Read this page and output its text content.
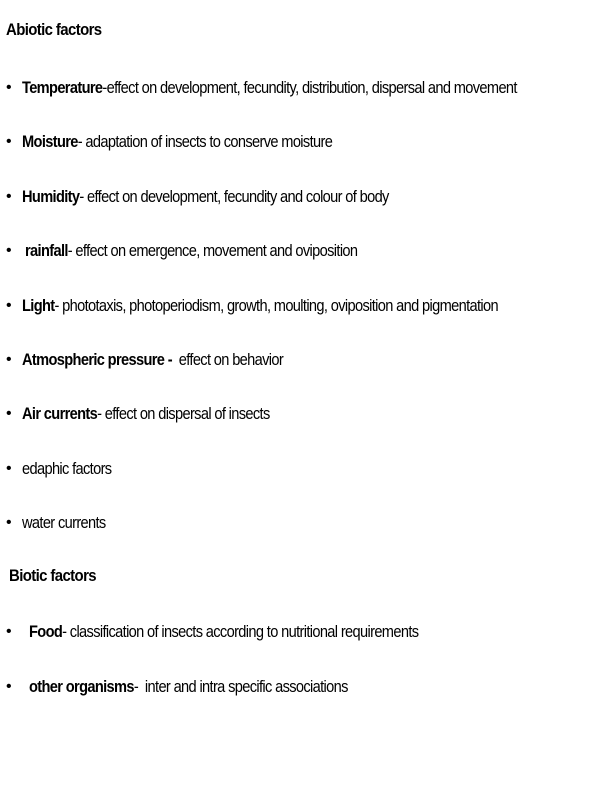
Abiotic factors
• Temperature-effect on development, fecundity, distribution, dispersal and movement
• Moisture- adaptation of insects to conserve moisture
• Humidity- effect on development, fecundity and colour of body
• rainfall- effect on emergence, movement and oviposition
• Light- phototaxis, photoperiodism, growth, moulting, oviposition and pigmentation
• Atmospheric pressure -  effect on behavior
• Air currents- effect on dispersal of insects
• edaphic factors
• water currents
Biotic factors
•	Food- classification of insects according to nutritional requirements
•	other organisms-  inter and intra specific associations
